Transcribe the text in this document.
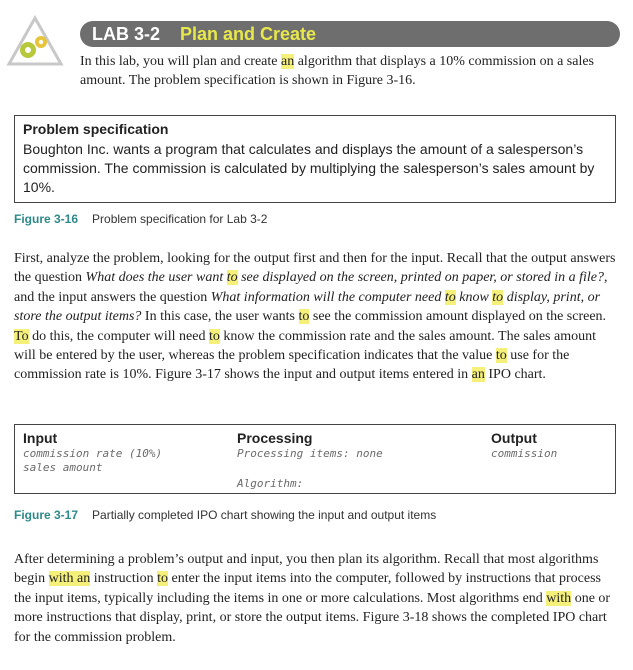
LAB 3-2 Plan and Create
In this lab, you will plan and create an algorithm that displays a 10% commission on a sales amount. The problem specification is shown in Figure 3-16.
Problem specification
Boughton Inc. wants a program that calculates and displays the amount of a salesperson’s commission. The commission is calculated by multiplying the salesperson’s sales amount by 10%.
Figure 3-16 Problem specification for Lab 3-2
First, analyze the problem, looking for the output first and then for the input. Recall that the output answers the question What does the user want to see displayed on the screen, printed on paper, or stored in a file?, and the input answers the question What information will the computer need to know to display, print, or store the output items? In this case, the user wants to see the commission amount displayed on the screen. To do this, the computer will need to know the commission rate and the sales amount. The sales amount will be entered by the user, whereas the problem specification indicates that the value to use for the commission rate is 10%. Figure 3-17 shows the input and output items entered in an IPO chart.
Input	Processing	Output
commission rate (10%)
sales amount
Processing items: none
Algorithm:
commission
Figure 3-17 Partially completed IPO chart showing the input and output items
After determining a problem’s output and input, you then plan its algorithm. Recall that most algorithms begin with an instruction to enter the input items into the computer, followed by instructions that process the input items, typically including the items in one or more calculations. Most algorithms end with one or more instructions that display, print, or store the output items. Figure 3-18 shows the completed IPO chart for the commission problem.
